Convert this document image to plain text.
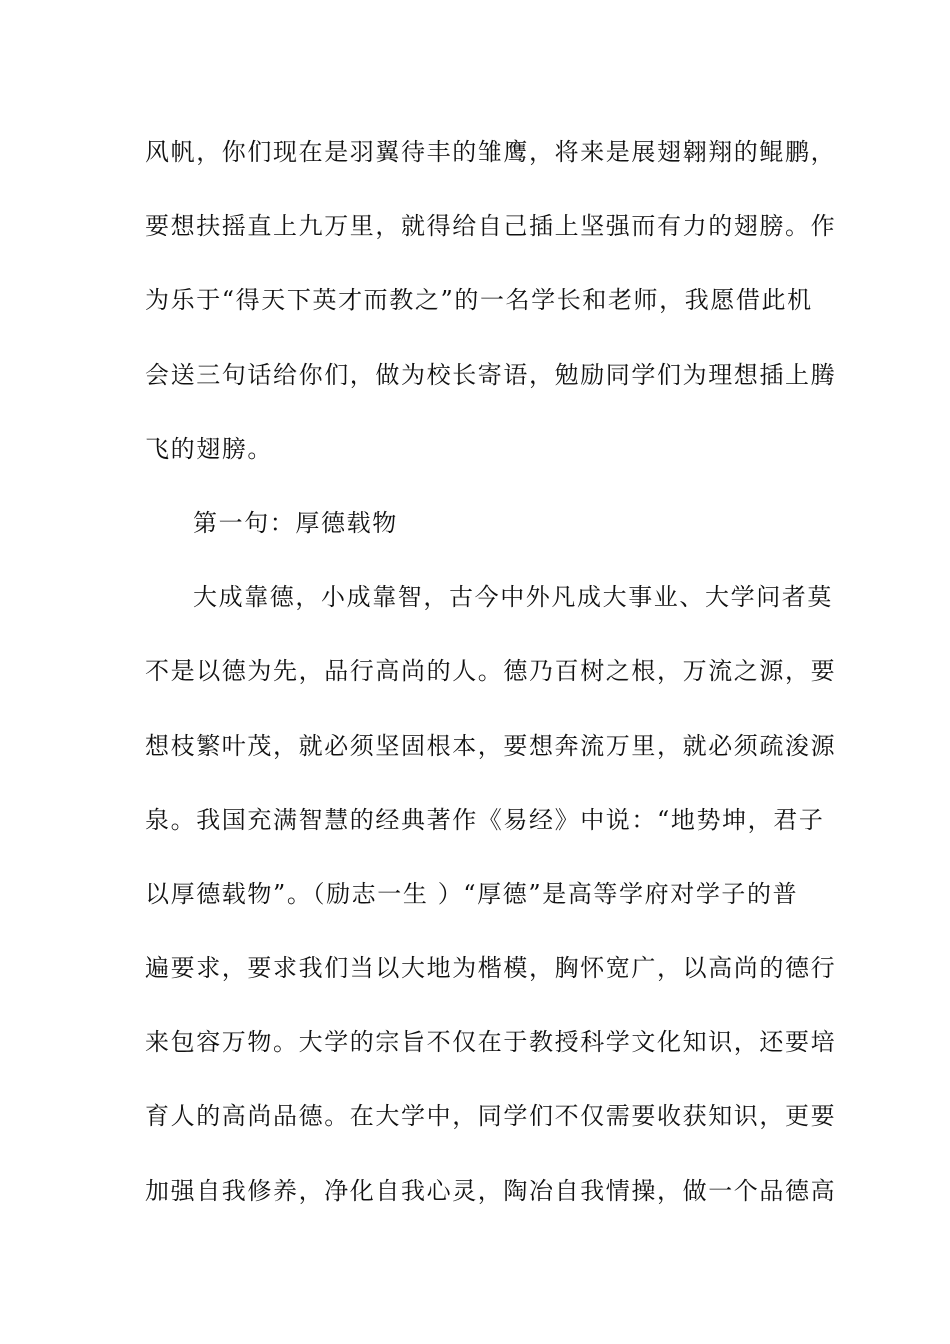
风帆，你们现在是羽翼待丰的雏鹰，将来是展翅翱翔的鲲鹏，
要想扶摇直上九万里，就得给自己插上坚强而有力的翅膀。作
为乐于“得天下英才而教之”的一名学长和老师，我愿借此机
会送三句话给你们，做为校长寄语，勉励同学们为理想插上腾
飞的翅膀。
第一句：厚德载物
大成靠德，小成靠智，古今中外凡成大事业、大学问者莫
不是以德为先，品行高尚的人。德乃百树之根，万流之源，要
想枝繁叶茂，就必须坚固根本，要想奔流万里，就必须疏浚源
泉。我国充满智慧的经典著作《易经》中说：“地势坤，君子
以厚德载物”。（励志一生 ）“厚德”是高等学府对学子的普
遍要求，要求我们当以大地为楷模，胸怀宽广，以高尚的德行
来包容万物。大学的宗旨不仅在于教授科学文化知识，还要培
育人的高尚品德。在大学中，同学们不仅需要收获知识，更要
加强自我修养，净化自我心灵，陶冶自我情操，做一个品德高
